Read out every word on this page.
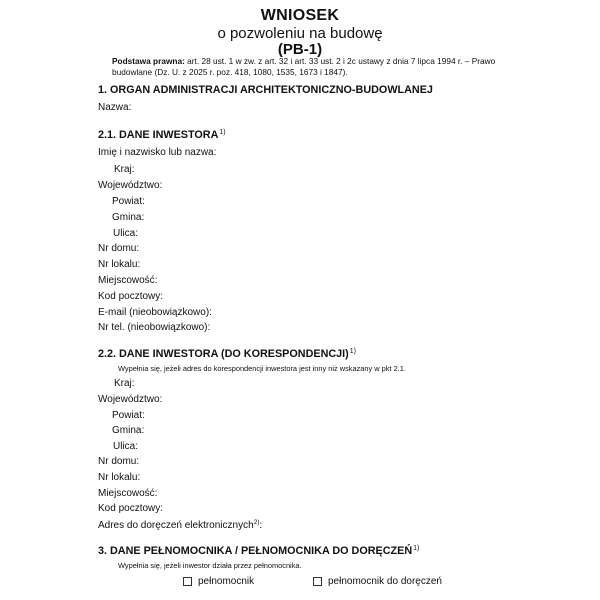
WNIOSEK
o pozwoleniu na budowę
(PB-1)
Podstawa prawna: art. 28 ust. 1 w zw. z art. 32 i art. 33 ust. 2 i 2c ustawy z dnia 7 lipca 1994 r. – Prawo budowlane (Dz. U. z 2025 r. poz. 418, 1080, 1535, 1673 i 1847).
1. ORGAN ADMINISTRACJI ARCHITEKTONICZNO-BUDOWLANEJ
Nazwa:
2.1. DANE INWESTORA$^{1)}$
Imię i nazwisko lub nazwa:
Kraj:
Województwo:
Powiat:
Gmina:
Ulica:
Nr domu:
Nr lokalu:
Miejscowość:
Kod pocztowy:
E-mail (nieobowiązkowo):
Nr tel. (nieobowiązkowo):
2.2. DANE INWESTORA (DO KORESPONDENCJI)$^{1)}$
Wypełnia się, jeżeli adres do korespondencji inwestora jest inny niż wskazany w pkt 2.1.
Kraj:
Województwo:
Powiat:
Gmina:
Ulica:
Nr domu:
Nr lokalu:
Miejscowość:
Kod pocztowy:
Adres do doręczeń elektronicznych$^{2)}$:
3. DANE PEŁNOMOCNIKA / PEŁNOMOCNIKA DO DORĘCZEŃ$^{1)}$
Wypełnia się, jeżeli inwestor działa przez pełnomocnika.
pełnomocnik	pełnomocnik do doręczeń
